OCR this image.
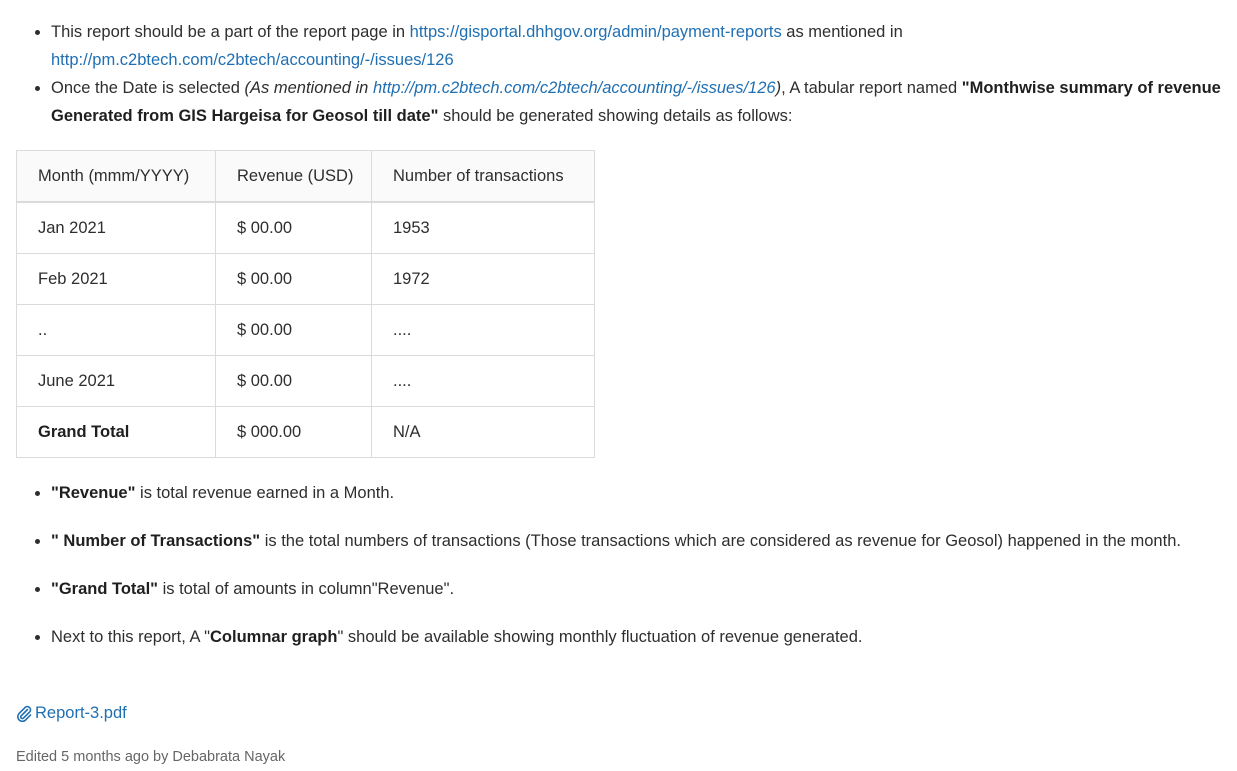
• This report should be a part of the report page in https://gisportal.dhhgov.org/admin/payment-reports as mentioned in http://pm.c2btech.com/c2btech/accounting/-/issues/126
• Once the Date is selected (As mentioned in http://pm.c2btech.com/c2btech/accounting/-/issues/126), A tabular report named "Monthwise summary of revenue Generated from GIS Hargeisa for Geosol till date" should be generated showing details as follows:
Month (mmm/YYYY)	Revenue (USD)	Number of transactions
Jan 2021	$ 00.00	1953
Feb 2021	$ 00.00	1972
..	$ 00.00	....
June 2021	$ 00.00	....
Grand Total	$ 000.00	N/A
• "Revenue" is total revenue earned in a Month.
• " Number of Transactions" is the total numbers of transactions (Those transactions which are considered as revenue for Geosol) happened in the month.
• "Grand Total" is total of amounts in column"Revenue".
• Next to this report, A "Columnar graph" should be available showing monthly fluctuation of revenue generated.
Report-3.pdf
Edited 5 months ago by Debabrata Nayak
